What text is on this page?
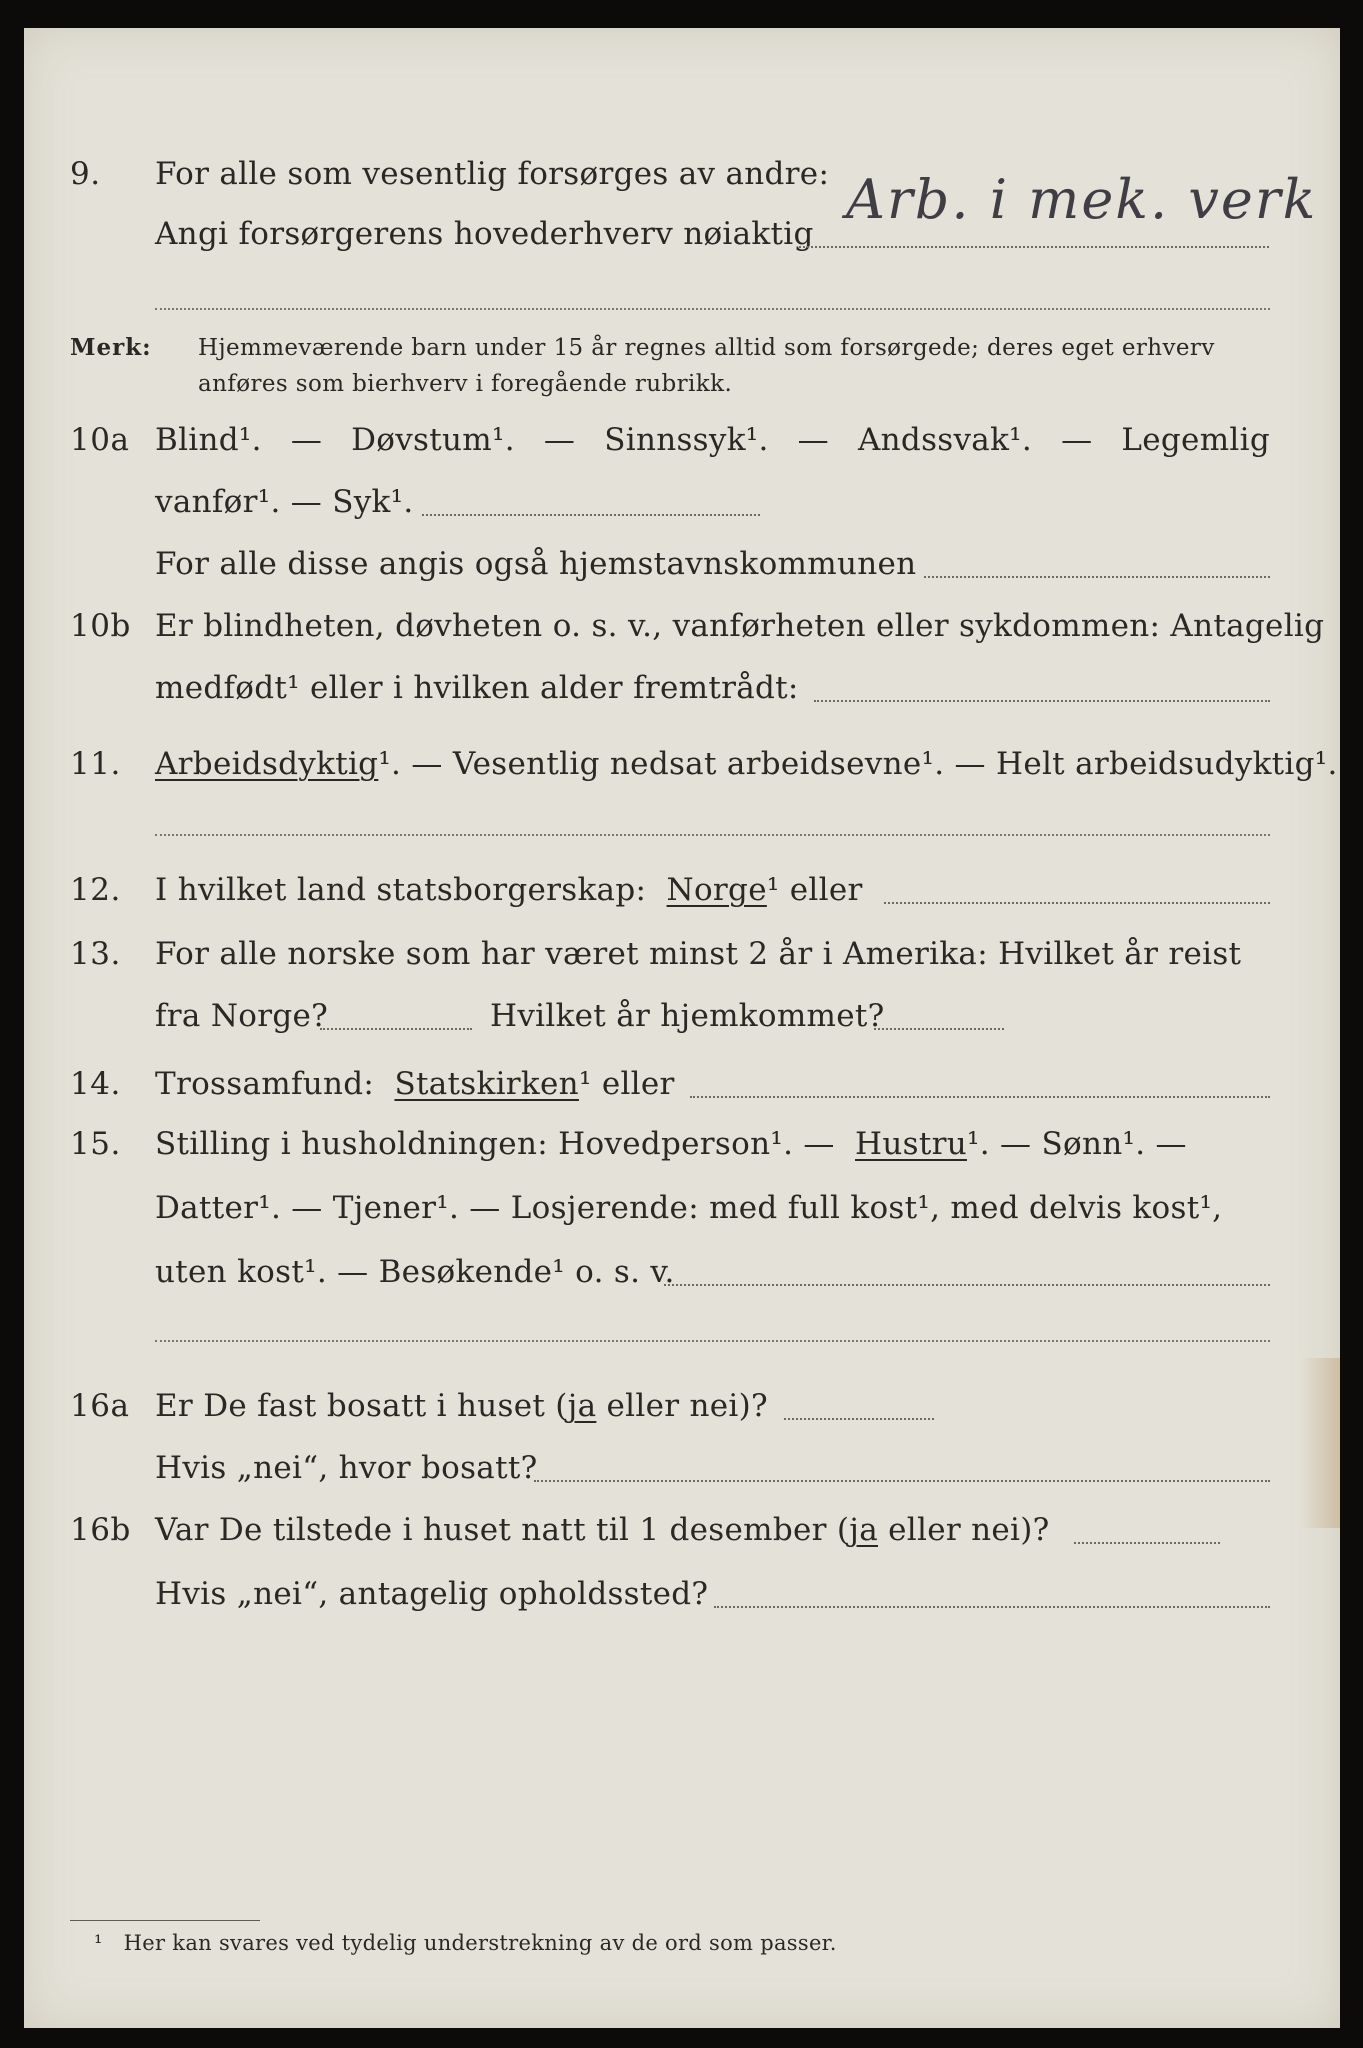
9. For alle som vesentlig forsørges av andre:
Angi forsørgerens hovederhverv nøiaktig
Arb. i mek. verk
Merk: Hjemmeværende barn under 15 år regnes alltid som forsørgede; deres eget erhverv anføres som bierhverv i foregående rubrikk.
10a Blind¹. — Døvstum¹. — Sinnssyk¹. — Andssvak¹. — Legemlig
vanfør¹. — Syk¹.
For alle disse angis også hjemstavnskommunen
10b Er blindheten, døvheten o. s. v., vanførheten eller sykdommen: Antagelig
medfødt¹ eller i hvilken alder fremtrådt:
11. Arbeidsdyktig¹. — Vesentlig nedsat arbeidsevne¹. — Helt arbeidsudyktig¹.
12. I hvilket land statsborgerskap: Norge¹ eller
13. For alle norske som har været minst 2 år i Amerika: Hvilket år reist
fra Norge?	Hvilket år hjemkommet?
14. Trossamfund: Statskirken¹ eller
15. Stilling i husholdningen: Hovedperson¹. — Hustru¹. — Sønn¹. —
Datter¹. — Tjener¹. — Losjerende: med full kost¹, med delvis kost¹,
uten kost¹. — Besøkende¹ o. s. v.
16a Er De fast bosatt i huset (ja eller nei)?
Hvis „nei“, hvor bosatt?
16b Var De tilstede i huset natt til 1 desember (ja eller nei)?
Hvis „nei“, antagelig opholdssted?
¹ Her kan svares ved tydelig understrekning av de ord som passer.
